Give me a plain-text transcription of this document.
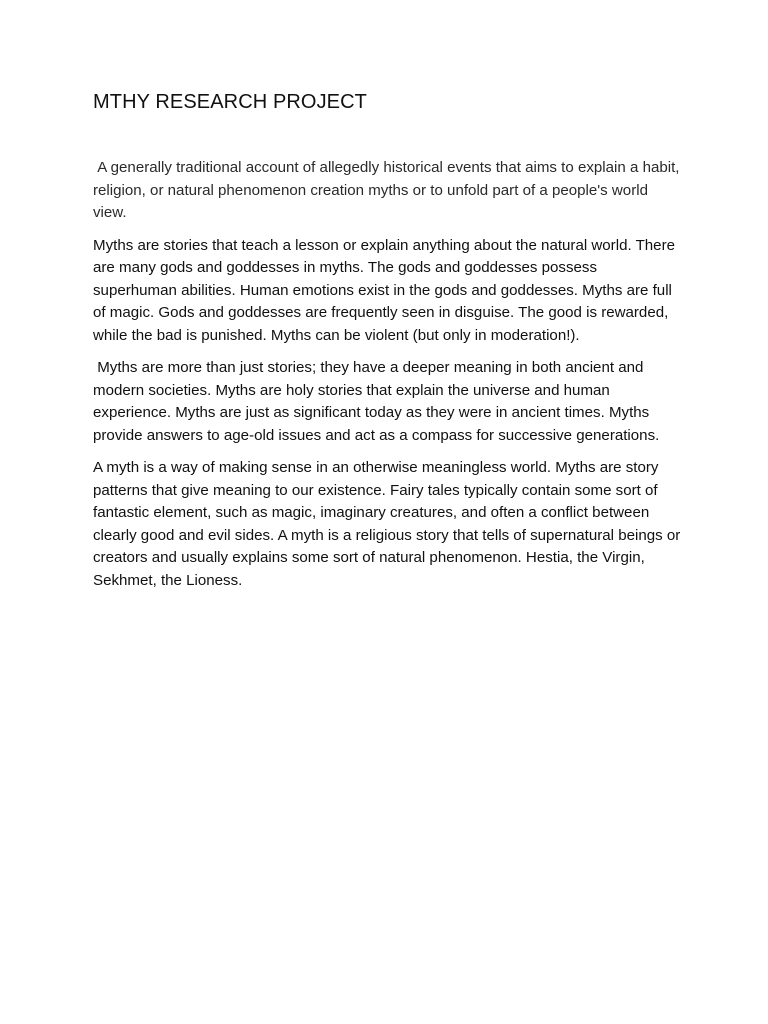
MTHY RESEARCH PROJECT

A generally traditional account of allegedly historical events that aims to explain a habit, religion, or natural phenomenon creation myths or to unfold part of a people's world view.

Myths are stories that teach a lesson or explain anything about the natural world. There are many gods and goddesses in myths. The gods and goddesses possess superhuman abilities. Human emotions exist in the gods and goddesses. Myths are full of magic. Gods and goddesses are frequently seen in disguise. The good is rewarded, while the bad is punished. Myths can be violent (but only in moderation!).

Myths are more than just stories; they have a deeper meaning in both ancient and modern societies. Myths are holy stories that explain the universe and human experience. Myths are just as significant today as they were in ancient times. Myths provide answers to age-old issues and act as a compass for successive generations.

A myth is a way of making sense in an otherwise meaningless world. Myths are story patterns that give meaning to our existence. Fairy tales typically contain some sort of fantastic element, such as magic, imaginary creatures, and often a conflict between clearly good and evil sides. A myth is a religious story that tells of supernatural beings or creators and usually explains some sort of natural phenomenon. Hestia, the Virgin, Sekhmet, the Lioness.
